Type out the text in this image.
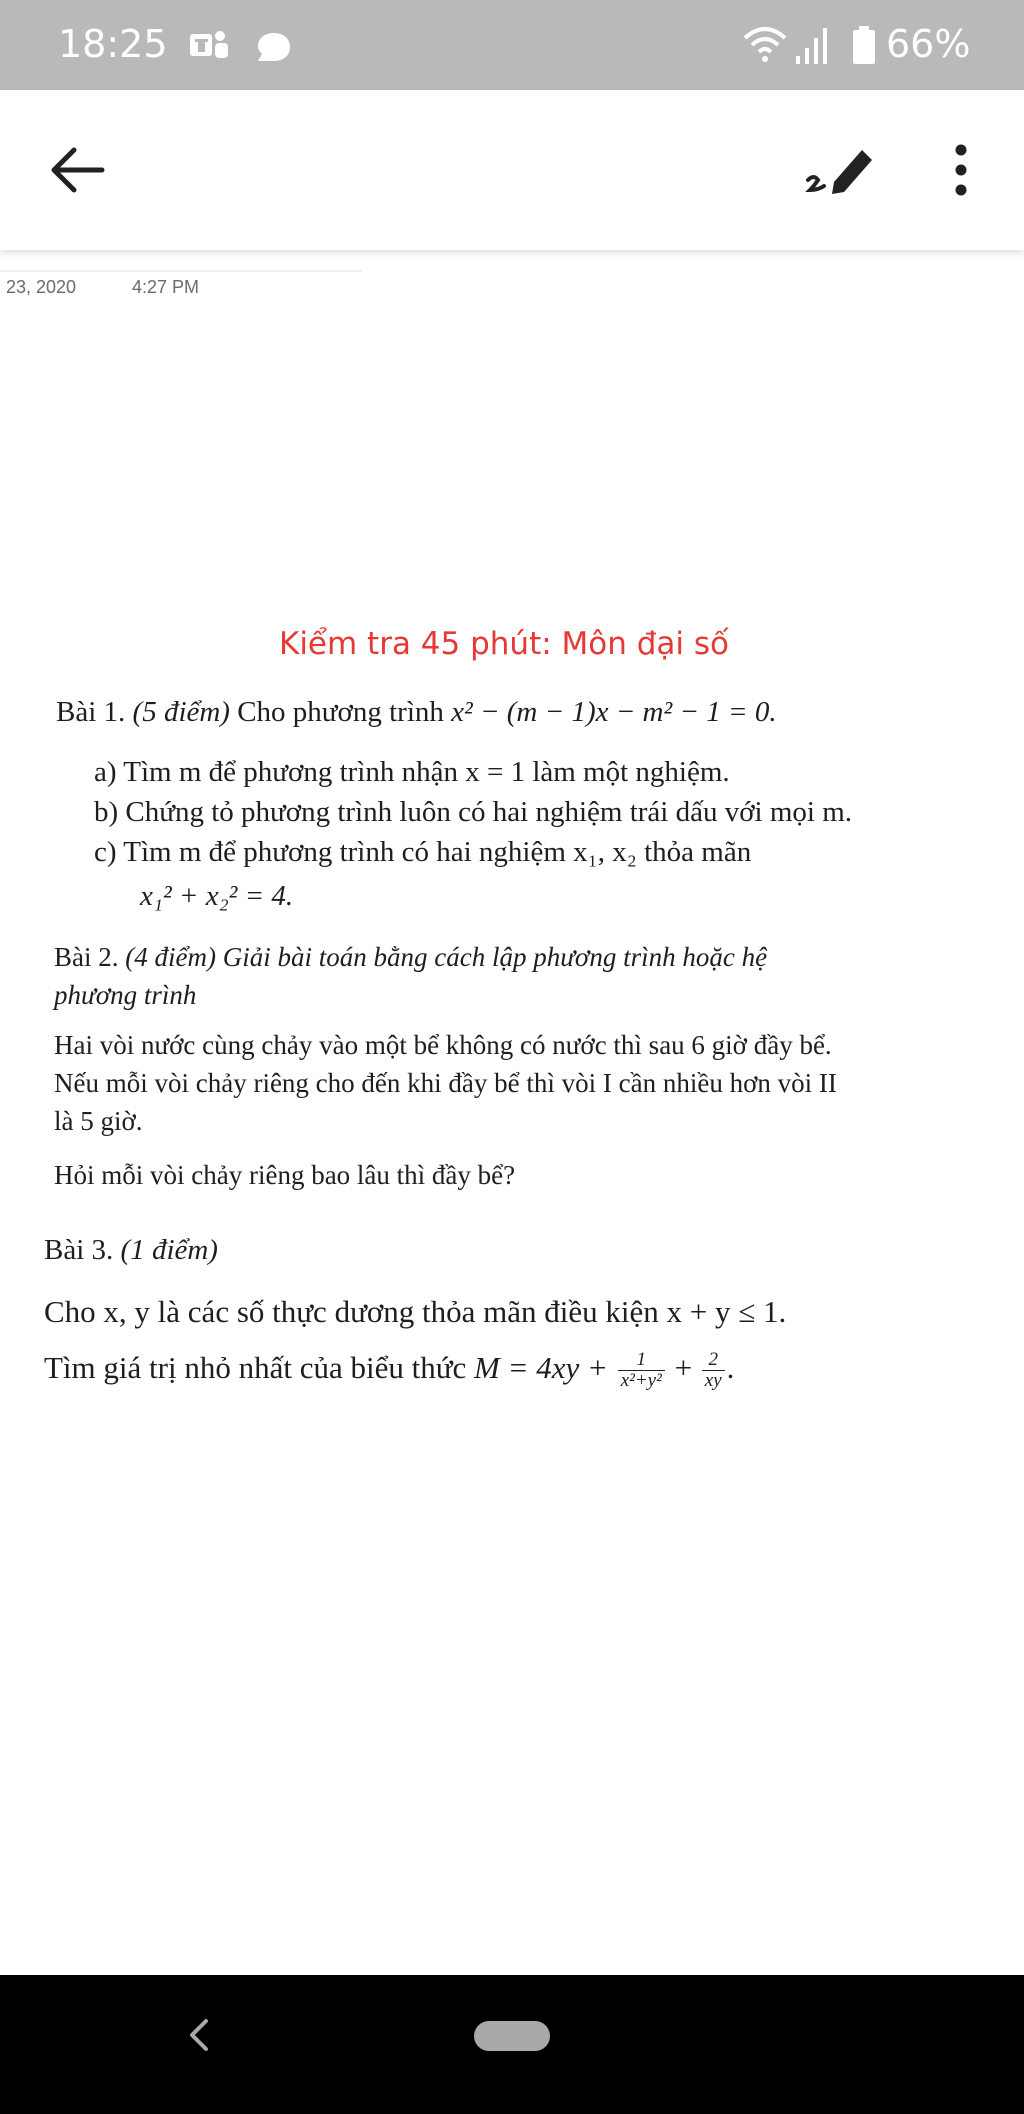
18:25	66%
23, 2020	4:27 PM
Kiểm tra 45 phút: Môn đại số
Bài 1. (5 điểm) Cho phương trình x² − (m − 1)x − m² − 1 = 0.
a) Tìm m để phương trình nhận x = 1 làm một nghiệm.
b) Chứng tỏ phương trình luôn có hai nghiệm trái dấu với mọi m.
c) Tìm m để phương trình có hai nghiệm x₁, x₂ thỏa mãn
x₁² + x₂² = 4.
Bài 2. (4 điểm) Giải bài toán bằng cách lập phương trình hoặc hệ
phương trình
Hai vòi nước cùng chảy vào một bể không có nước thì sau 6 giờ đầy bể.
Nếu mỗi vòi chảy riêng cho đến khi đầy bể thì vòi I cần nhiều hơn vòi II
là 5 giờ.
Hỏi mỗi vòi chảy riêng bao lâu thì đầy bể?
Bài 3. (1 điểm)
Cho x, y là các số thực dương thỏa mãn điều kiện x + y ≤ 1.
Tìm giá trị nhỏ nhất của biểu thức $M = 4xy + \frac{1}{\text{x²+y²}} + \frac{2}{xy}$ .
